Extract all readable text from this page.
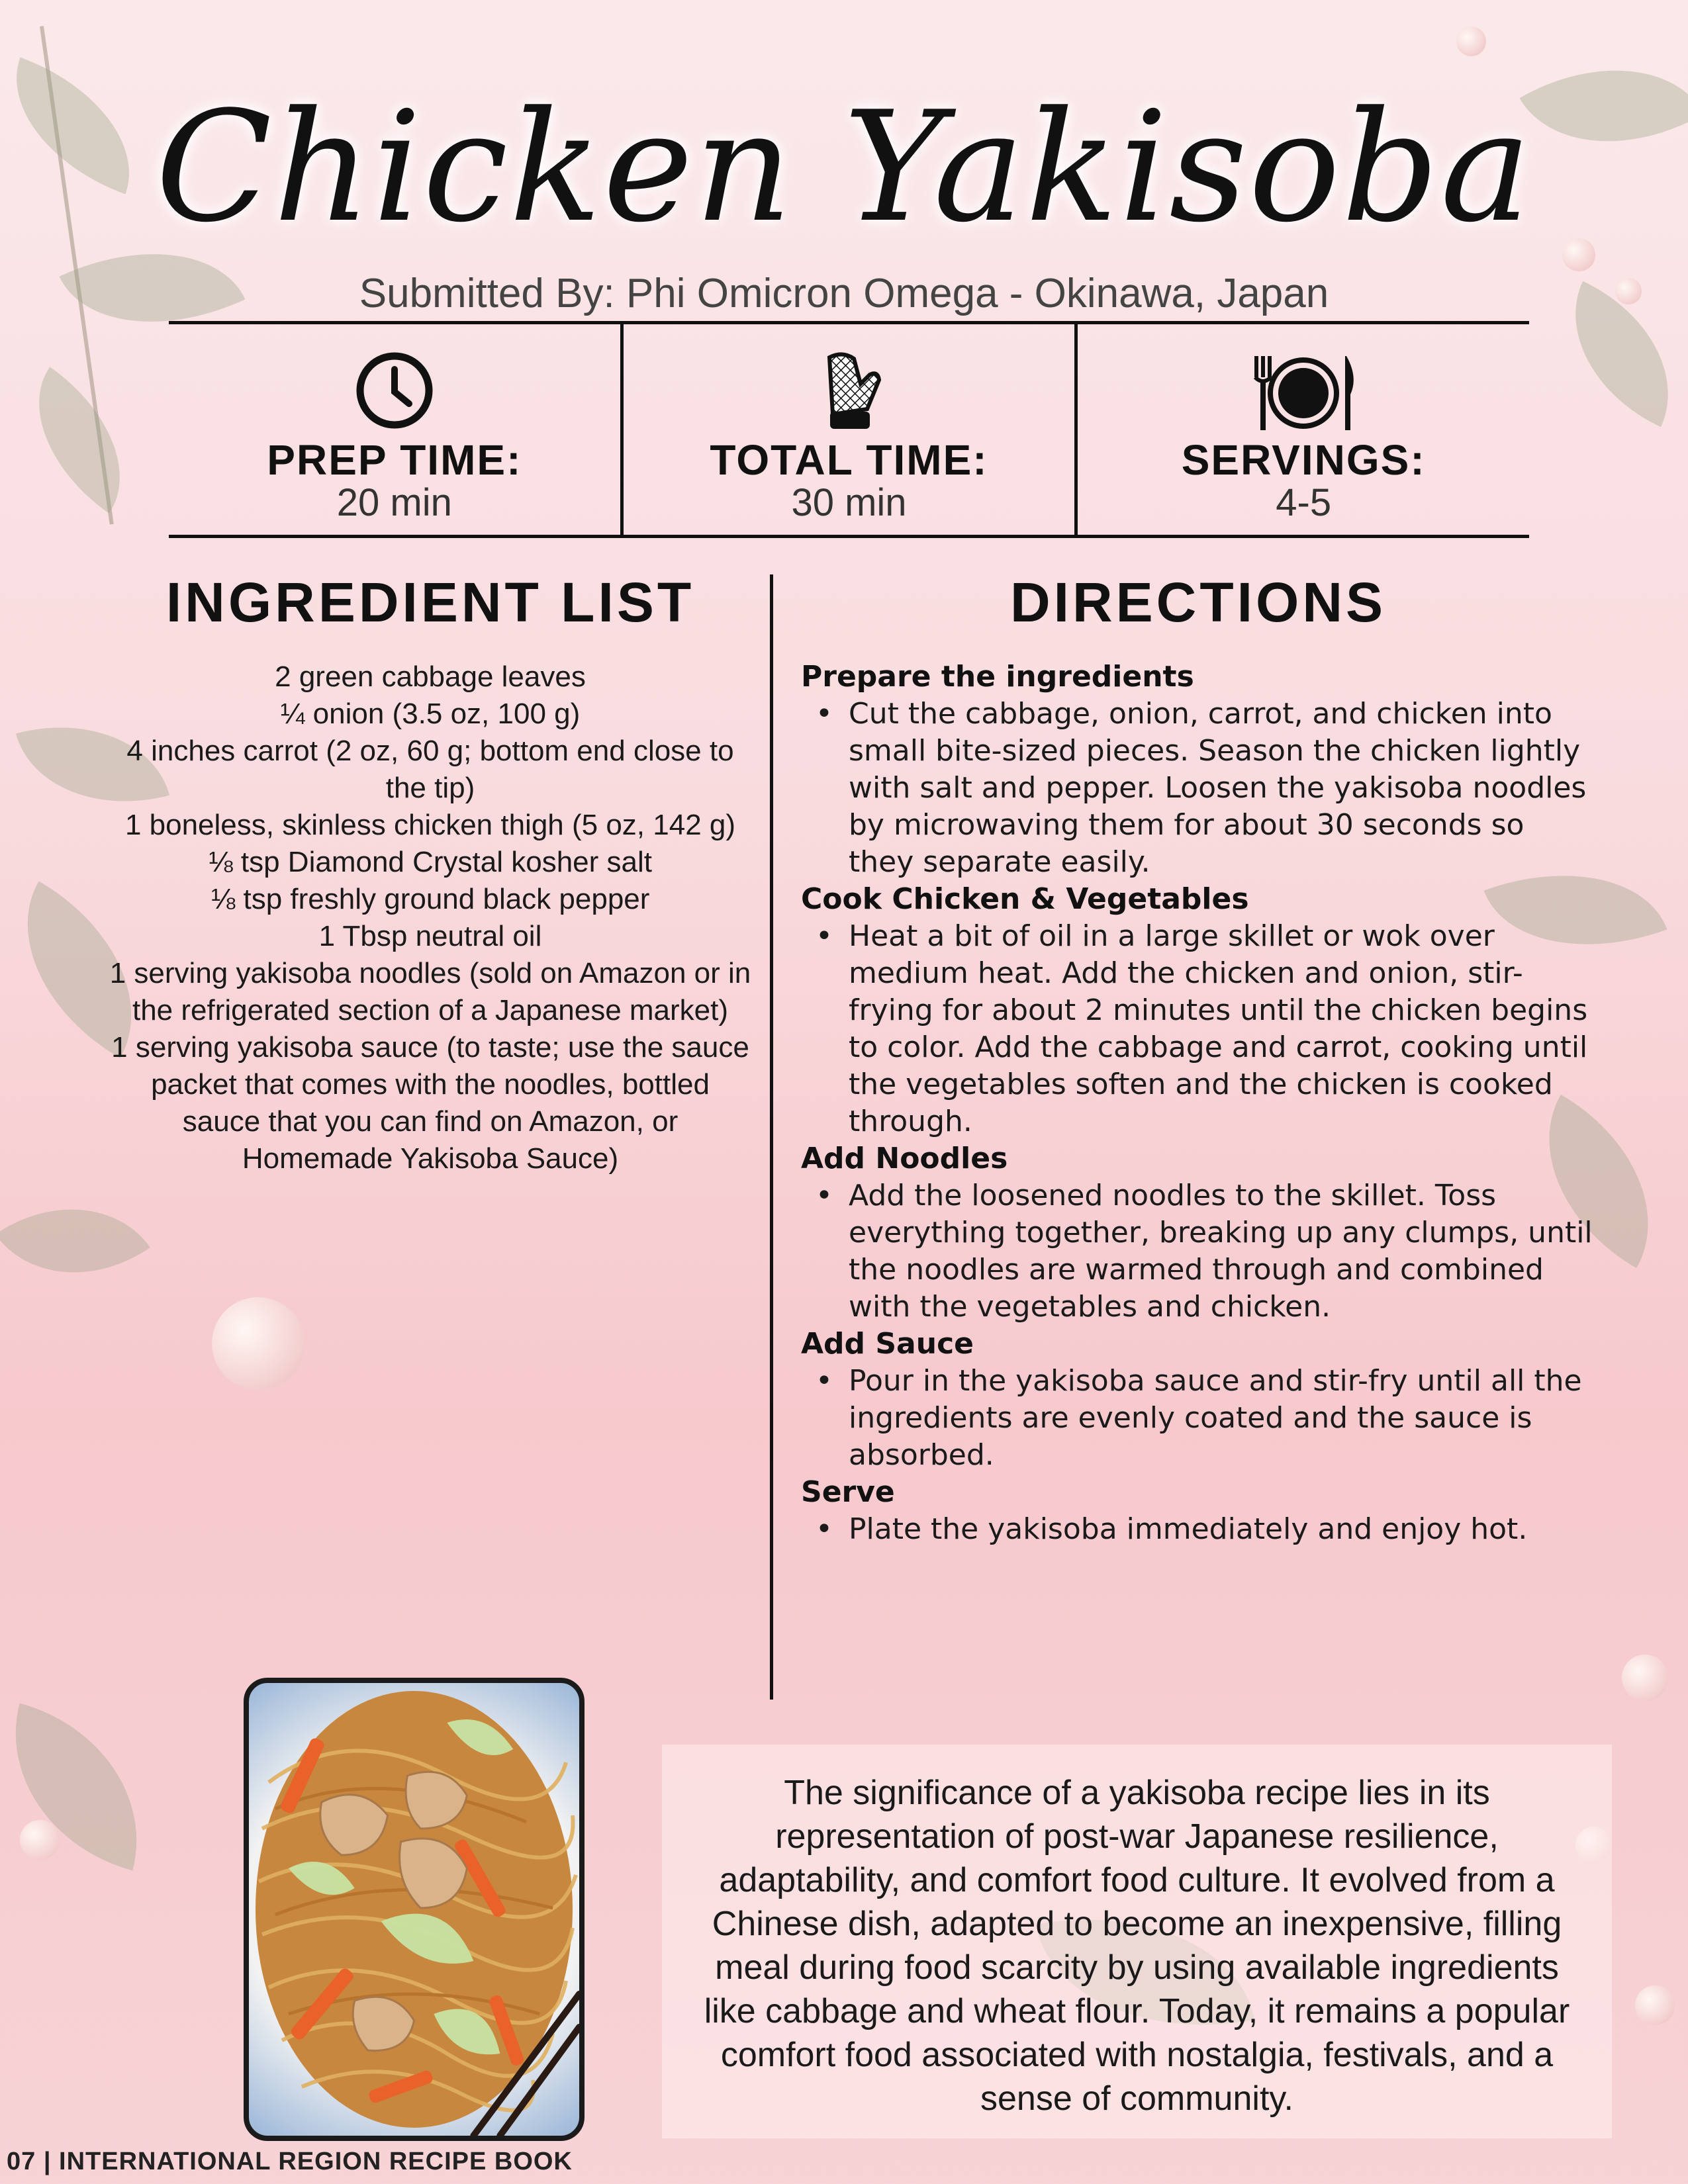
Chicken Yakisoba
Submitted By: Phi Omicron Omega - Okinawa, Japan
PREP TIME:
20 min
TOTAL TIME:
30 min
SERVINGS:
4-5
INGREDIENT LIST	DIRECTIONS
2 green cabbage leaves
¼ onion (3.5 oz, 100 g)
4 inches carrot (2 oz, 60 g; bottom end close to the tip)
1 boneless, skinless chicken thigh (5 oz, 142 g)
⅛ tsp Diamond Crystal kosher salt
⅛ tsp freshly ground black pepper
1 Tbsp neutral oil
1 serving yakisoba noodles (sold on Amazon or in the refrigerated section of a Japanese market)
1 serving yakisoba sauce (to taste; use the sauce packet that comes with the noodles, bottled sauce that you can find on Amazon, or Homemade Yakisoba Sauce)
Prepare the ingredients
• Cut the cabbage, onion, carrot, and chicken into small bite-sized pieces. Season the chicken lightly with salt and pepper. Loosen the yakisoba noodles by microwaving them for about 30 seconds so they separate easily.
Cook Chicken & Vegetables
• Heat a bit of oil in a large skillet or wok over medium heat. Add the chicken and onion, stir-frying for about 2 minutes until the chicken begins to color. Add the cabbage and carrot, cooking until the vegetables soften and the chicken is cooked through.
Add Noodles
• Add the loosened noodles to the skillet. Toss everything together, breaking up any clumps, until the noodles are warmed through and combined with the vegetables and chicken.
Add Sauce
• Pour in the yakisoba sauce and stir-fry until all the ingredients are evenly coated and the sauce is absorbed.
Serve
• Plate the yakisoba immediately and enjoy hot.
The significance of a yakisoba recipe lies in its representation of post-war Japanese resilience, adaptability, and comfort food culture. It evolved from a Chinese dish, adapted to become an inexpensive, filling meal during food scarcity by using available ingredients like cabbage and wheat flour. Today, it remains a popular comfort food associated with nostalgia, festivals, and a sense of community.
07 | INTERNATIONAL REGION RECIPE BOOK
